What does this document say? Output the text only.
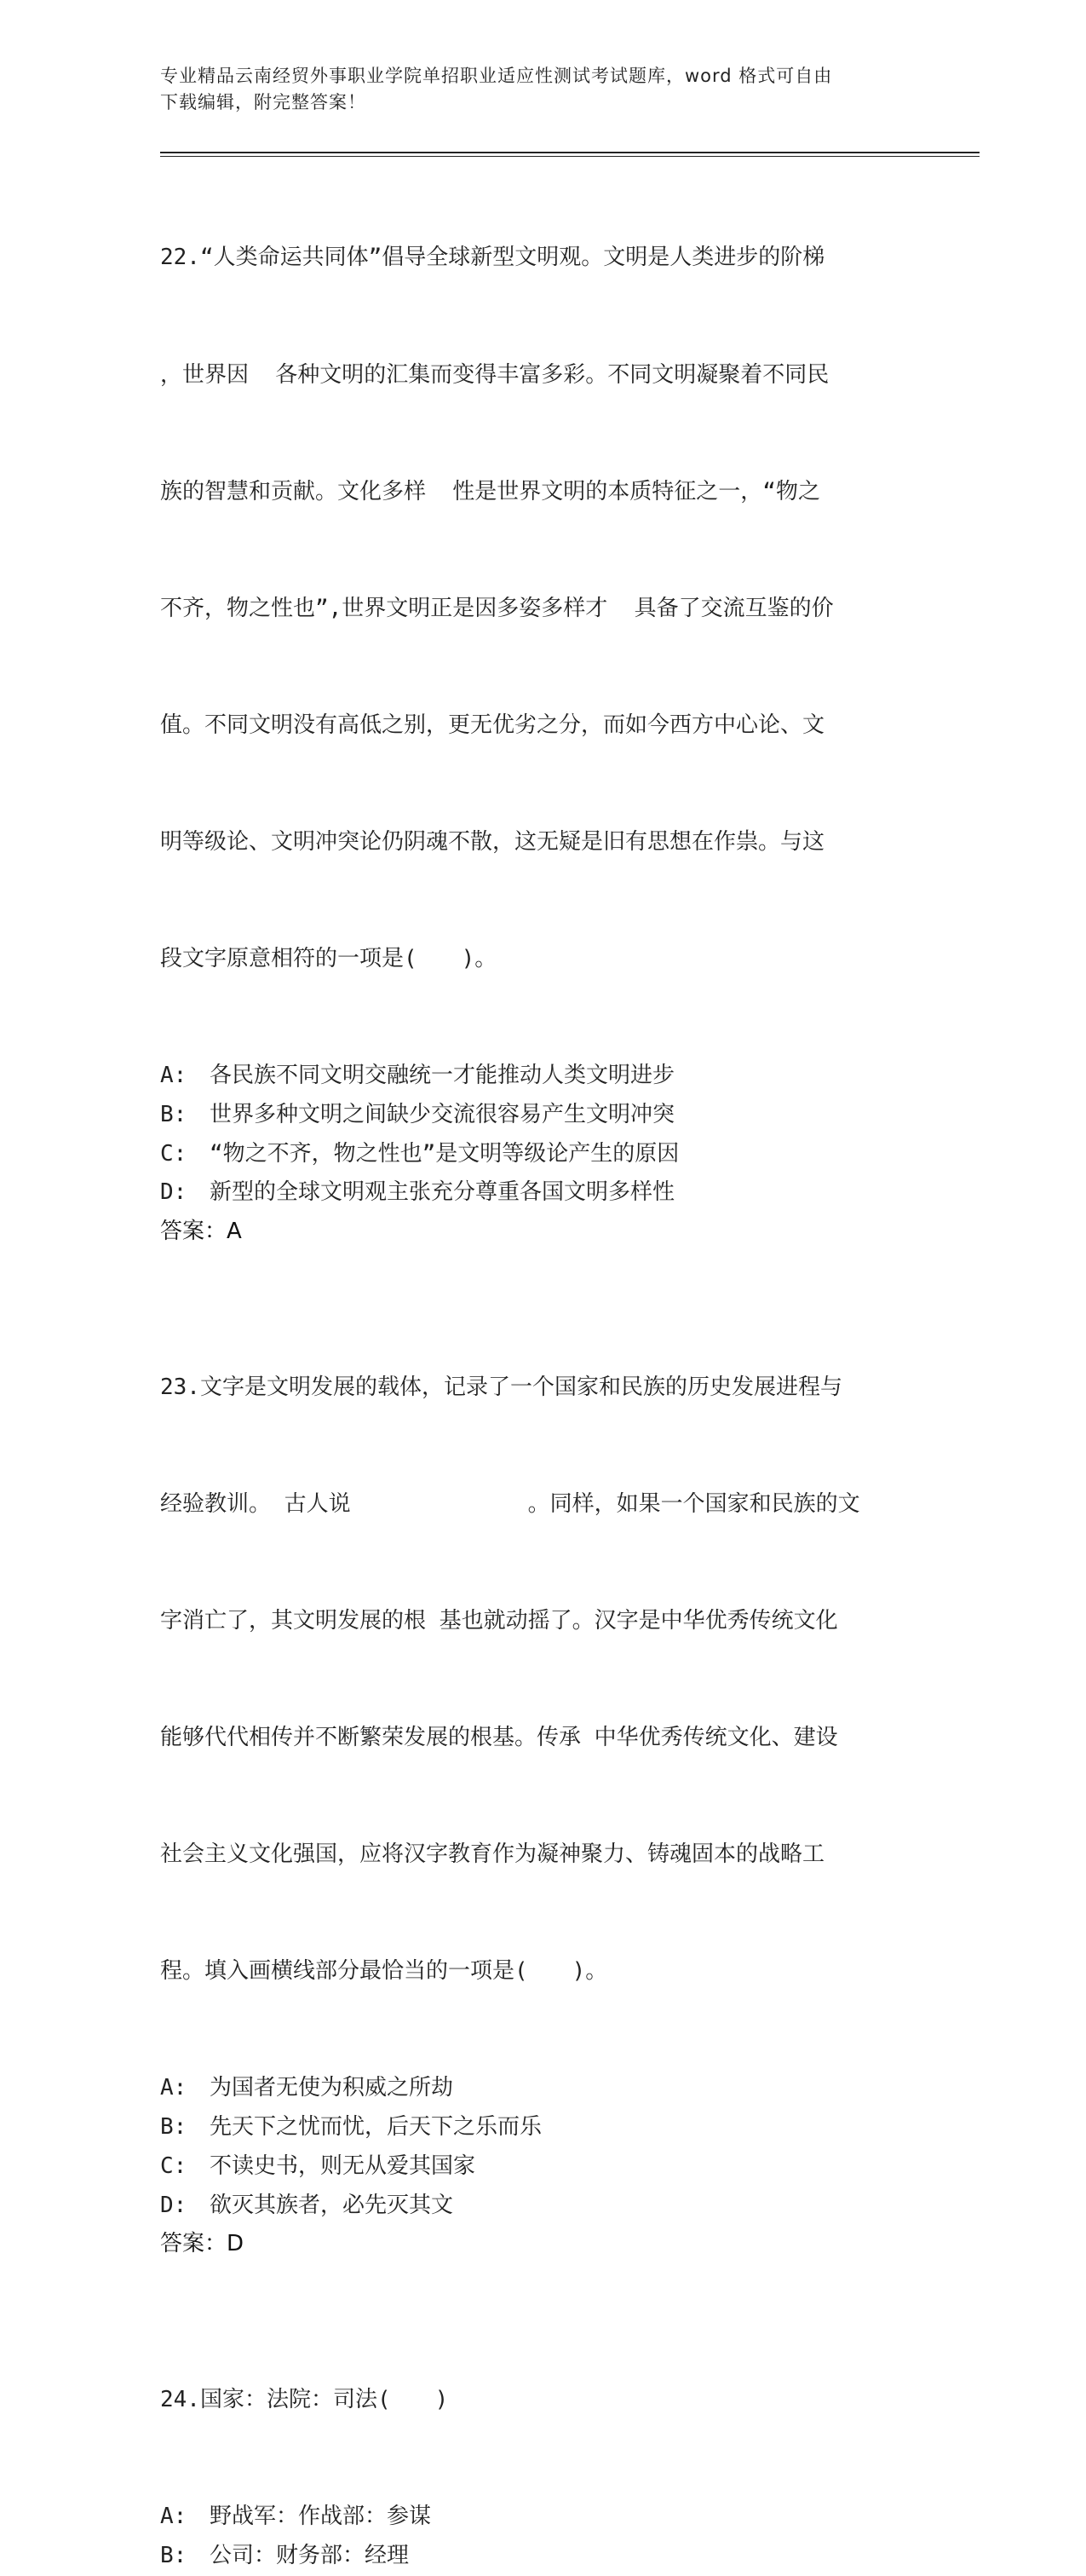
专业精品云南经贸外事职业学院单招职业适应性测试考试题库，word 格式可自由
下载编辑，附完整答案！

22.“人类命运共同体”倡导全球新型文明观。文明是人类进步的阶梯

，世界因  各种文明的汇集而变得丰富多彩。不同文明凝聚着不同民

族的智慧和贡献。文化多样  性是世界文明的本质特征之一，“物之

不齐，物之性也”,世界文明正是因多姿多样才  具备了交流互鉴的价

值。不同文明没有高低之别，更无优劣之分，而如今西方中心论、文

明等级论、文明冲突论仍阴魂不散，这无疑是旧有思想在作祟。与这

段文字原意相符的一项是(　　)。

A: 各民族不同文明交融统一才能推动人类文明进步
B: 世界多种文明之间缺少交流很容易产生文明冲突
C: “物之不齐，物之性也”是文明等级论产生的原因
D: 新型的全球文明观主张充分尊重各国文明多样性
答案：A

23.文字是文明发展的载体，记录了一个国家和民族的历史发展进程与

经验教训。 古人说　　　　　　　　。同样，如果一个国家和民族的文

字消亡了，其文明发展的根 基也就动摇了。汉字是中华优秀传统文化

能够代代相传并不断繁荣发展的根基。传承 中华优秀传统文化、建设

社会主义文化强国，应将汉字教育作为凝神聚力、铸魂固本的战略工

程。填入画横线部分最恰当的一项是(　　)。

A: 为国者无使为积威之所劫
B: 先天下之忧而忧，后天下之乐而乐
C: 不读史书，则无从爱其国家
D: 欲灭其族者，必先灭其文
答案：D

24.国家：法院：司法(　　)

A: 野战军：作战部：参谋
B: 公司：财务部：经理
